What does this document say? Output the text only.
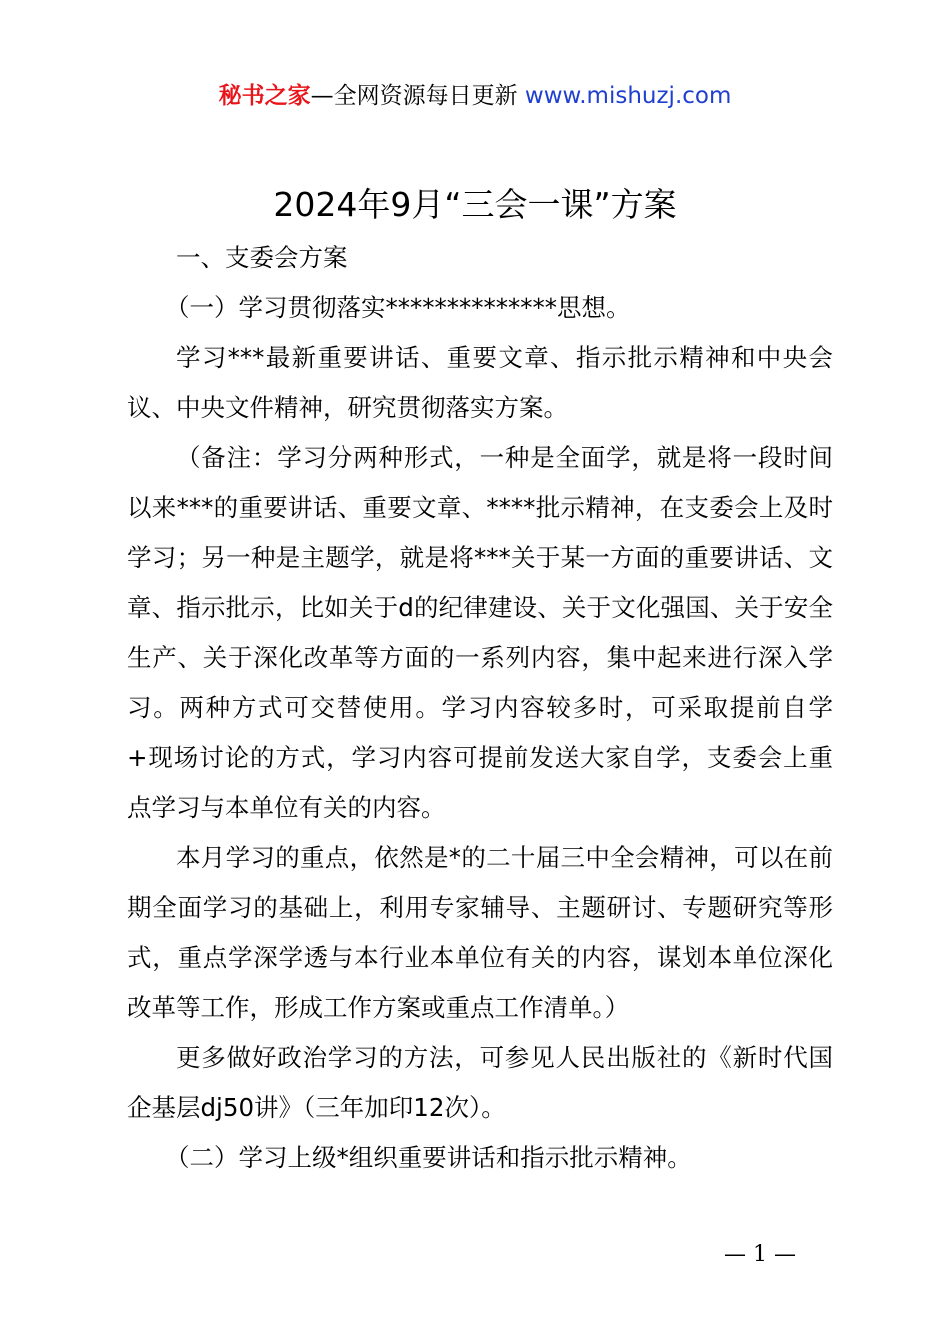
秘书之家—全网资源每日更新 www.mishuzj.com
2024年9月“三会一课”方案

一、支委会方案

（一）学习贯彻落实**************思想。

学习***最新重要讲话、重要文章、指示批示精神和中央会议、中央文件精神，研究贯彻落实方案。

（备注：学习分两种形式，一种是全面学，就是将一段时间以来***的重要讲话、重要文章、****批示精神，在支委会上及时学习；另一种是主题学，就是将***关于某一方面的重要讲话、文章、指示批示，比如关于d的纪律建设、关于文化强国、关于安全生产、关于深化改革等方面的一系列内容，集中起来进行深入学习。两种方式可交替使用。学习内容较多时，可采取提前自学+现场讨论的方式，学习内容可提前发送大家自学，支委会上重点学习与本单位有关的内容。

本月学习的重点，依然是*的二十届三中全会精神，可以在前期全面学习的基础上，利用专家辅导、主题研讨、专题研究等形式，重点学深学透与本行业本单位有关的内容，谋划本单位深化改革等工作，形成工作方案或重点工作清单。）

更多做好政治学习的方法，可参见人民出版社的《新时代国企基层dj50讲》（三年加印12次）。

（二）学习上级*组织重要讲话和指示批示精神。

— 1 —
